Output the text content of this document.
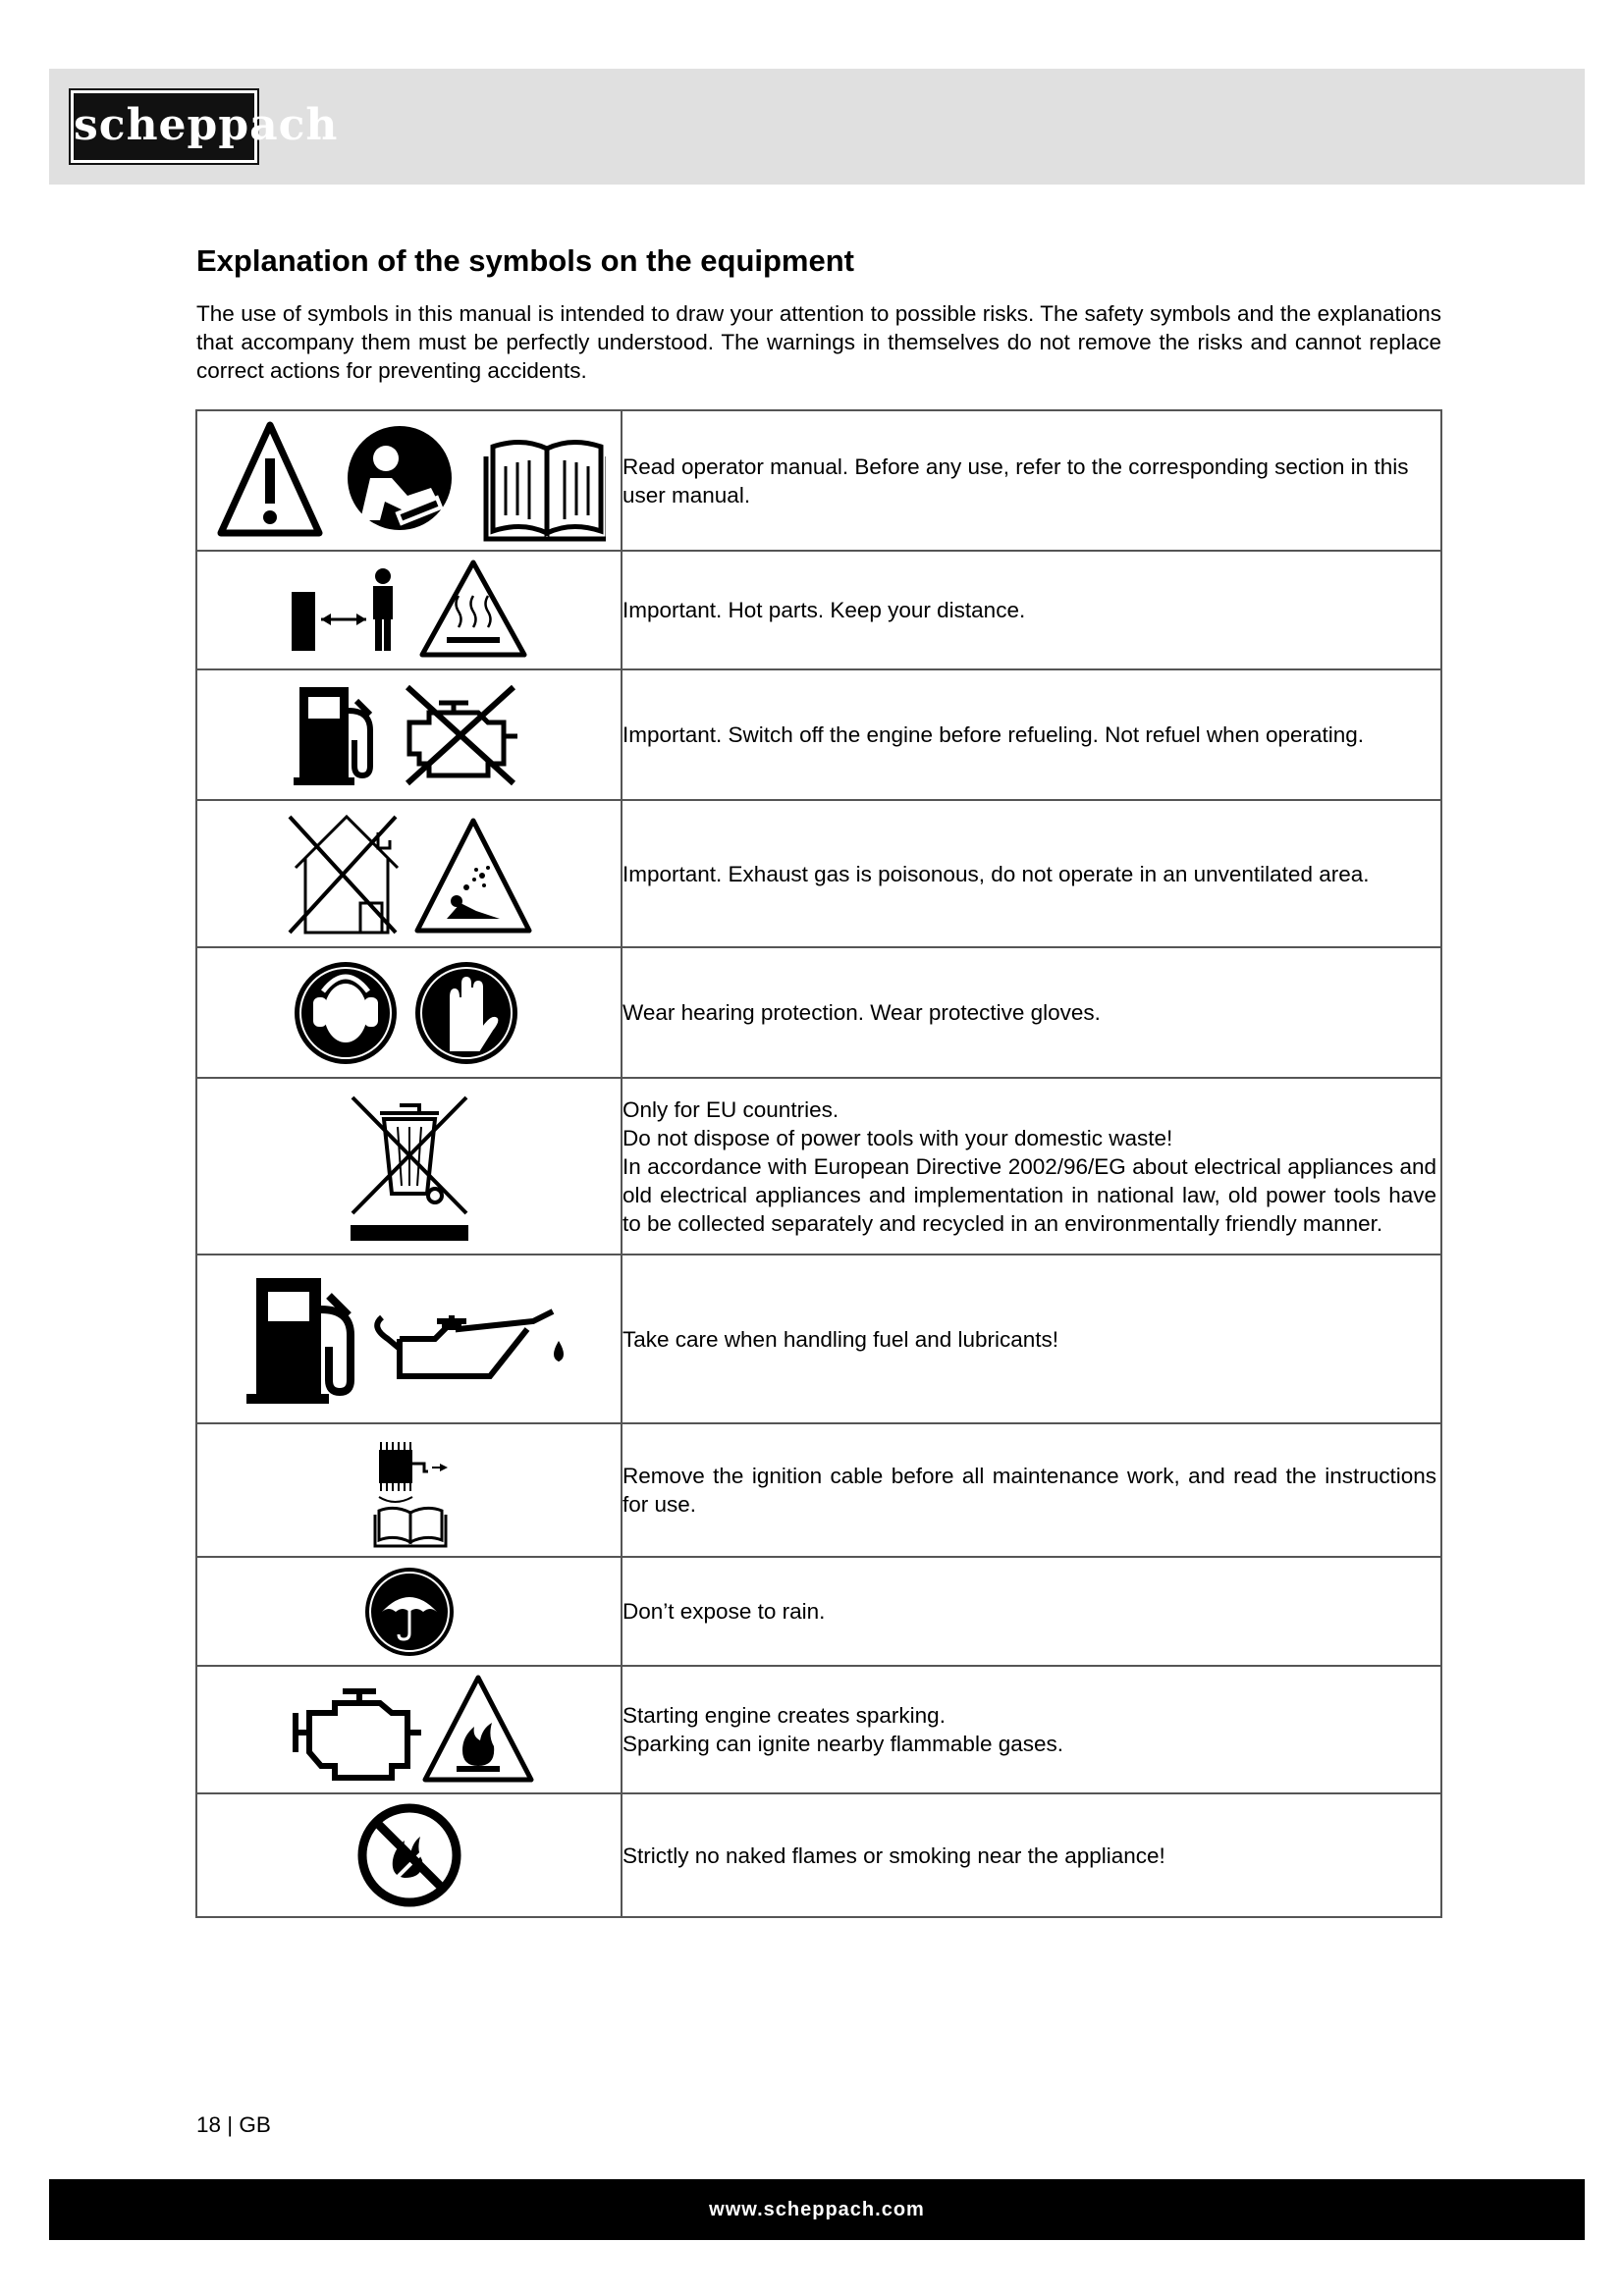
scheppach
Explanation of the symbols on the equipment

The use of symbols in this manual is intended to draw your attention to possible risks. The safety symbols and the explanations that accompany them must be perfectly understood. The warnings in themselves do not remove the risks and cannot replace correct actions for preventing accidents.

Read operator manual. Before any use, refer to the corresponding section in this user manual.

Important. Hot parts. Keep your distance.

Important. Switch off the engine before refueling. Not refuel when operating.

Important. Exhaust gas is poisonous, do not operate in an unventilated area.

Wear hearing protection. Wear protective gloves.

Only for EU countries.
Do not dispose of power tools with your domestic waste!
In accordance with European Directive 2002/96/EG about electrical appliances and old electrical appliances and implementation in national law, old power tools have to be collected separately and recycled in an environmentally friendly manner.

Take care when handling fuel and lubricants!

Remove the ignition cable before all maintenance work, and read the instructions for use.

Don’t expose to rain.

Starting engine creates sparking.
Sparking can ignite nearby flammable gases.

Strictly no naked flames or smoking near the appliance!
18 | GB
www.scheppach.com
